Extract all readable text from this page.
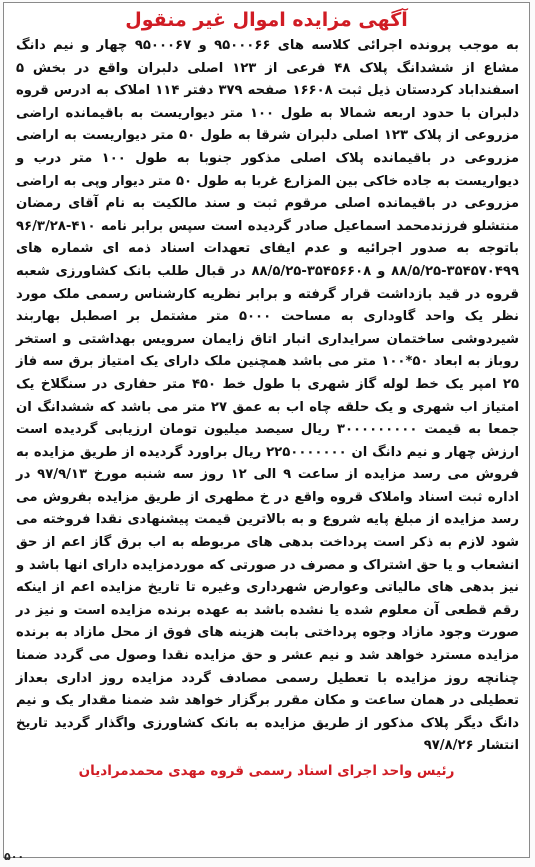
آگهی مزایده اموال غیر منقول

به موجب پرونده اجرائی کلاسه های ۹۵۰۰۰۶۶ و ۹۵۰۰۰۶۷ چهار و نیم دانگ مشاع از ششدانگ پلاک ۴۸ فرعی از ۱۲۳ اصلی دلبران واقع در بخش ۵ اسفنداباد کردستان ذیل ثبت ۱۶۶۰۸ صفحه ۳۷۹ دفتر ۱۱۴ املاک به ادرس قروه دلبران با حدود اربعه شمالا به طول ۱۰۰ متر دیواریست به باقیمانده اراضی مزروعی از پلاک ۱۲۳ اصلی دلبران شرقا به طول ۵۰ متر دیواریست به اراضی مزروعی در باقیمانده پلاک اصلی مذکور جنوبا به طول ۱۰۰ متر درب و دیواریست به جاده خاکی بین المزارع غربا به طول ۵۰ متر دیوار وپی به اراضی مزروعی در باقیمانده اصلی مرقوم ثبت و سند مالکیت به نام آقای رمضان منتشلو فرزندمحمد اسماعیل صادر گردیده است سپس برابر نامه ۴۱۰-۹۶/۳/۲۸ باتوجه به صدور اجرائیه و عدم ایفای تعهدات اسناد ذمه ای شماره های ۳۵۴۵۷۰۴۹۹-۸۸/۵/۲۵ و ۳۵۴۵۶۶۰۸-۸۸/۵/۲۵ در قبال طلب بانک کشاورزی شعبه قروه در قید بازداشت قرار گرفته و برابر نظریه کارشناس رسمی ملک مورد نظر یک واحد گاوداری به مساحت ۵۰۰۰ متر مشتمل بر اصطبل بهاربند شیردوشی ساختمان سرایداری انبار اتاق زایمان سرویس بهداشتی و استخر روباز به ابعاد ۵۰*۱۰۰ متر می باشد همچنین ملک دارای یک امتیاز برق سه فاز ۲۵ امپر یک خط لوله گاز شهری با طول خط ۴۵۰ متر حفاری در سنگلاخ یک امتیاز اب شهری و یک حلقه چاه اب به عمق ۲۷ متر می باشد که ششدانگ ان جمعا به قیمت ۳۰۰۰۰۰۰۰۰۰ ریال سیصد میلیون تومان ارزیابی گردیده است ارزش چهار و نیم دانگ ان ۲۲۵۰۰۰۰۰۰۰ ریال براورد گردیده از طریق مزایده به فروش می رسد مزایده از ساعت ۹ الی ۱۲ روز سه شنبه مورخ ۹۷/۹/۱۳ در اداره ثبت اسناد واملاک قروه واقع در خ مطهری از طریق مزایده بفروش می رسد مزایده از مبلغ پایه شروع و به بالاترین قیمت پیشنهادی نقدا فروخته می شود لازم به ذکر است پرداخت بدهی های مربوطه به اب برق گاز اعم از حق انشعاب و یا حق اشتراک و مصرف در صورتی که موردمزایده دارای انها باشد و نیز بدهی های مالیاتی وعوارض شهرداری وغیره تا تاریخ مزایده اعم از اینکه رقم قطعی آن معلوم شده یا نشده باشد به عهده برنده مزایده است و نیز در صورت وجود مازاد وجوه پرداختی بابت هزینه های فوق از محل مازاد به برنده مزایده مسترد خواهد شد و نیم عشر و حق مزایده نقدا وصول می گردد ضمنا چنانچه روز مزایده با تعطیل رسمی مصادف گردد مزایده روز اداری بعداز تعطیلی در همان ساعت و مکان مقرر برگزار خواهد شد ضمنا مقدار یک و نیم دانگ دیگر پلاک مذکور از طریق مزایده به بانک کشاورزی واگذار گردید تاریخ انتشار ۹۷/۸/۲۶

رئیس واحد اجرای اسناد رسمی قروه مهدی محمدمرادیان
۵۰۰
